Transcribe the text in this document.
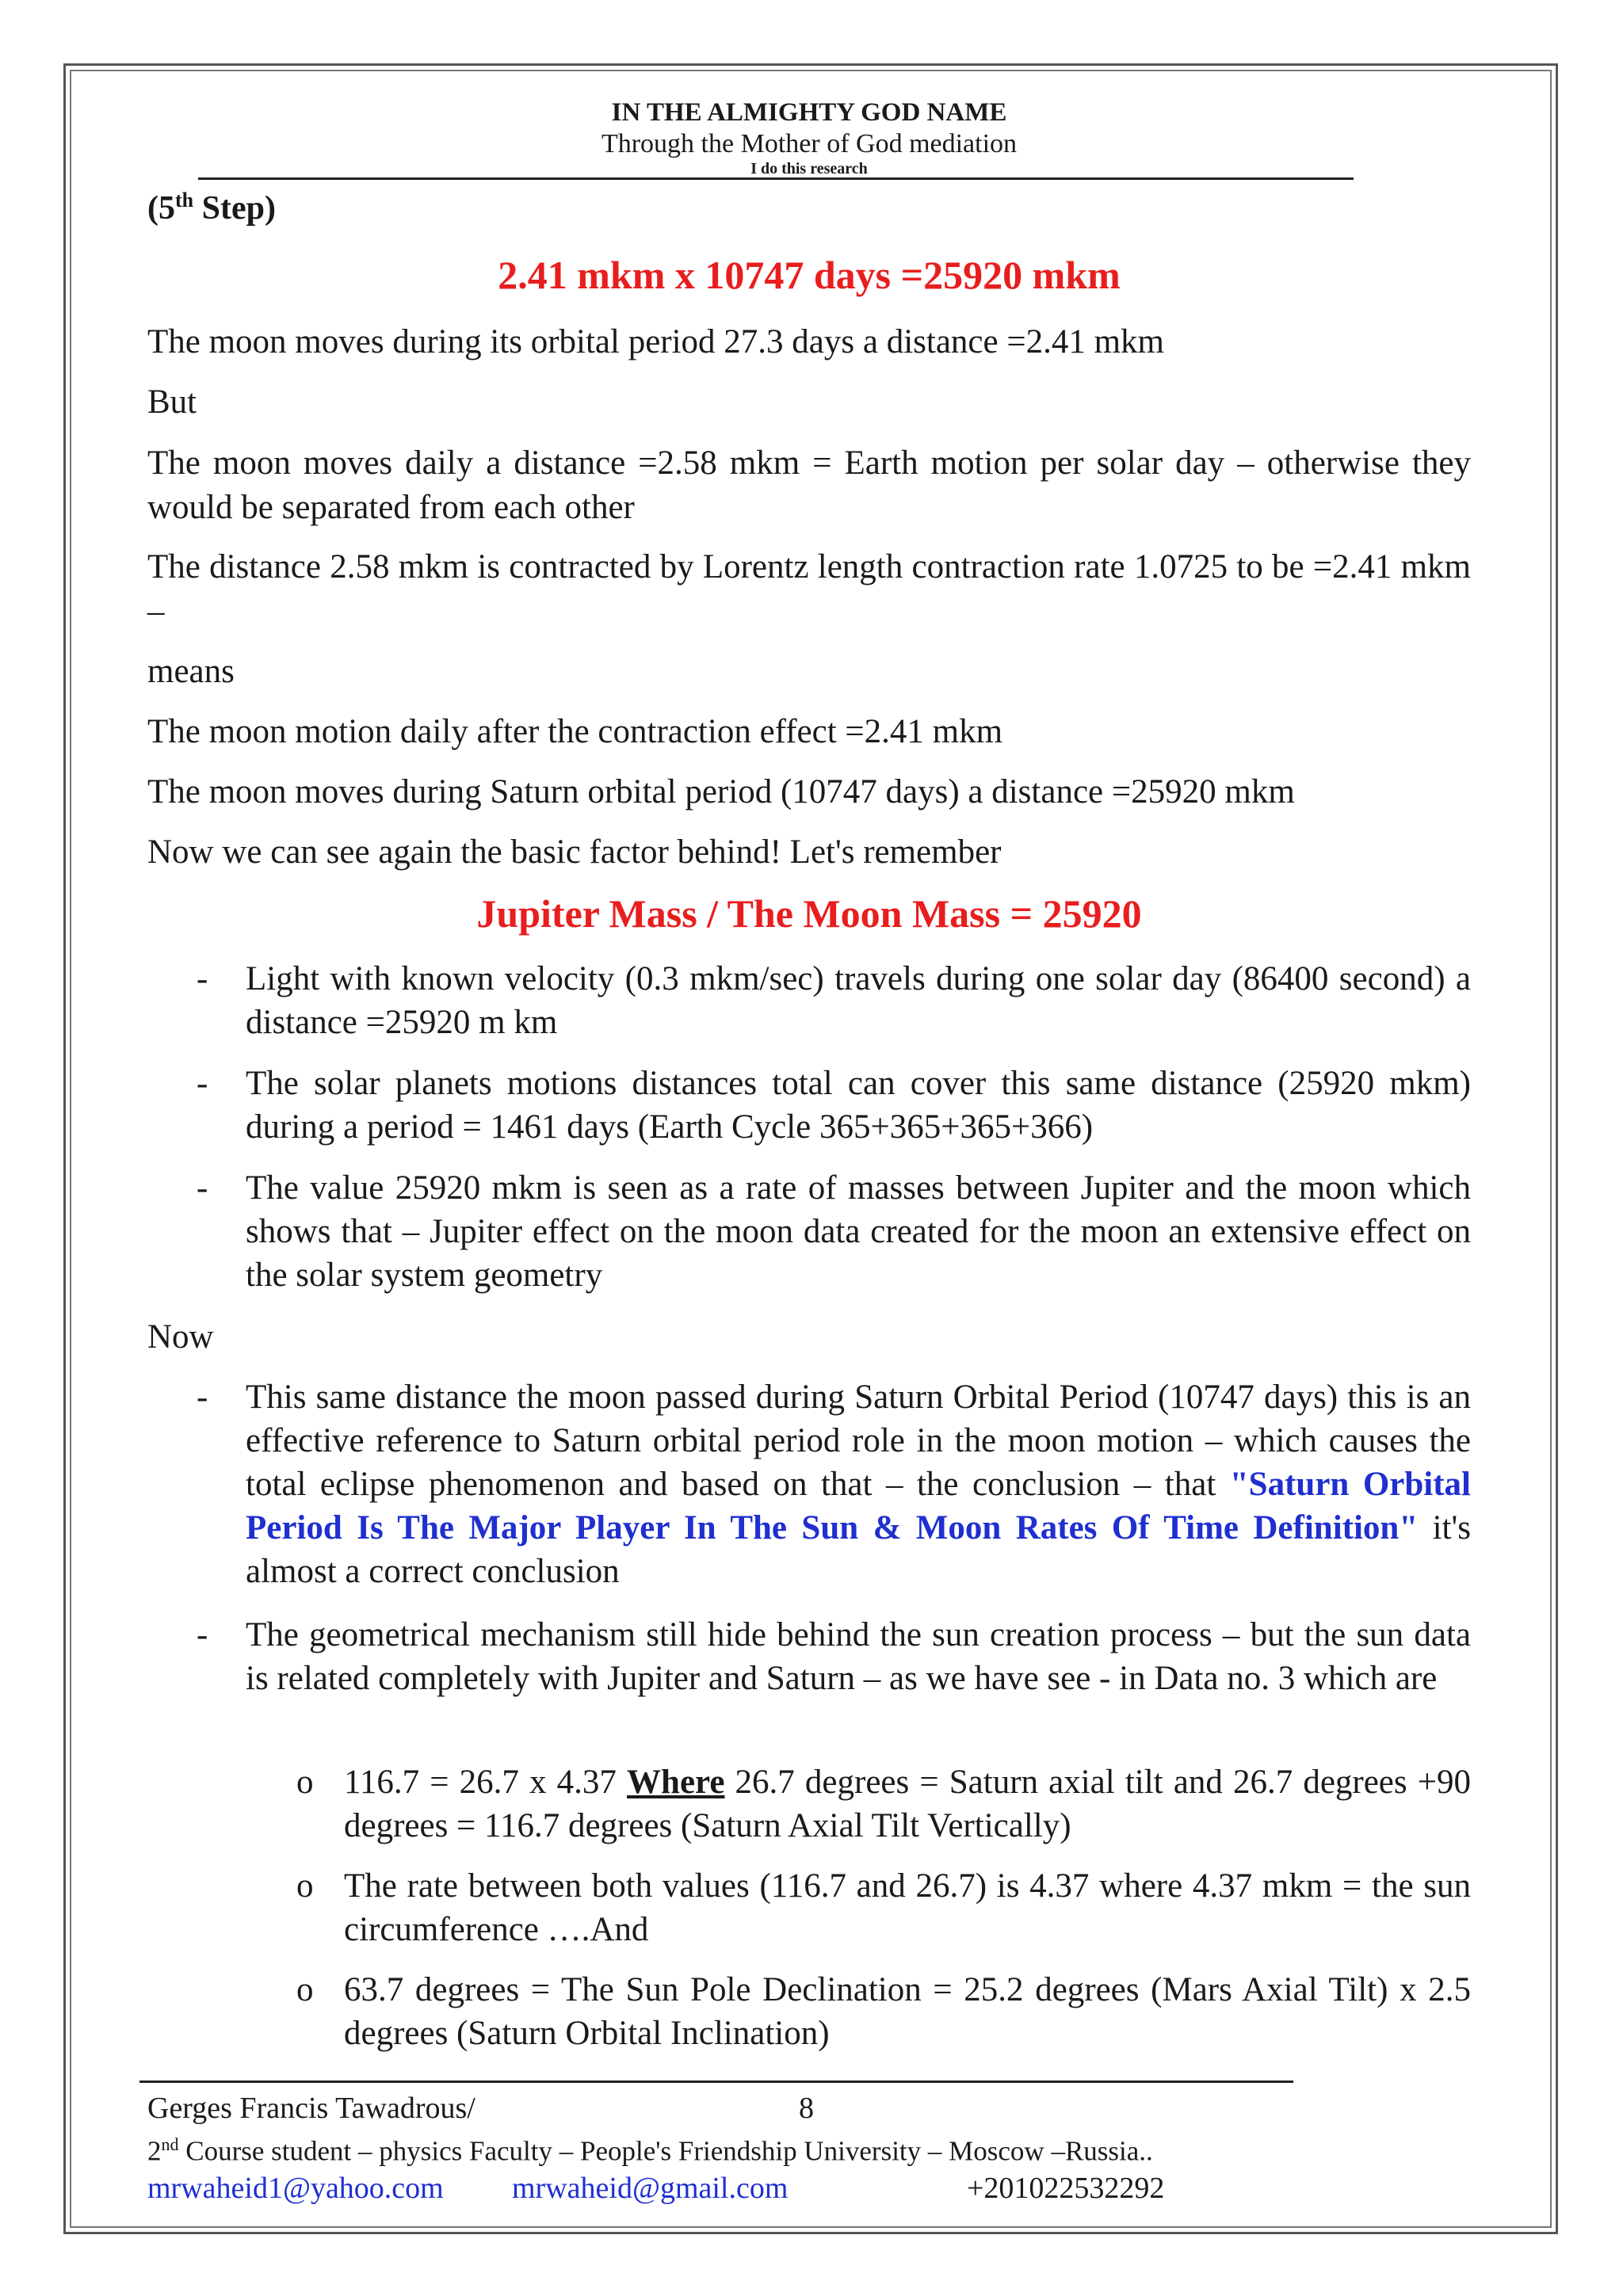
IN THE ALMIGHTY GOD NAME
Through the Mother of God mediation
I do this research
(5th Step)
2.41 mkm x 10747 days =25920 mkm
The moon moves during its orbital period 27.3 days a distance =2.41 mkm
But
The moon moves daily a distance =2.58 mkm = Earth motion per solar day – otherwise they would be separated from each other
The distance 2.58 mkm is contracted by Lorentz length contraction rate 1.0725 to be =2.41 mkm –
means
The moon motion daily after the contraction effect =2.41 mkm
The moon moves during Saturn orbital period (10747 days) a distance =25920 mkm
Now we can see again the basic factor behind! Let's remember
Jupiter Mass / The Moon Mass = 25920
- Light with known velocity (0.3 mkm/sec) travels during one solar day (86400 second) a distance =25920 m km
- The solar planets motions distances total can cover this same distance (25920 mkm) during a period = 1461 days (Earth Cycle 365+365+365+366)
- The value 25920 mkm is seen as a rate of masses between Jupiter and the moon which shows that – Jupiter effect on the moon data created for the moon an extensive effect on the solar system geometry
Now
- This same distance the moon passed during Saturn Orbital Period (10747 days) this is an effective reference to Saturn orbital period role in the moon motion – which causes the total eclipse phenomenon and based on that – the conclusion – that "Saturn Orbital Period Is The Major Player In The Sun & Moon Rates Of Time Definition" it's almost a correct conclusion
- The geometrical mechanism still hide behind the sun creation process – but the sun data is related completely with Jupiter and Saturn – as we have see - in Data no. 3 which are
o 116.7 = 26.7 x 4.37 Where 26.7 degrees = Saturn axial tilt and 26.7 degrees +90 degrees = 116.7 degrees (Saturn Axial Tilt Vertically)
o The rate between both values (116.7 and 26.7) is 4.37 where 4.37 mkm = the sun circumference ….And
o 63.7 degrees = The Sun Pole Declination = 25.2 degrees (Mars Axial Tilt) x 2.5 degrees (Saturn Orbital Inclination)
Gerges Francis Tawadrous/	8
2nd Course student – physics Faculty – People's Friendship University – Moscow –Russia..
mrwaheid1@yahoo.com mrwaheid@gmail.com	+201022532292
